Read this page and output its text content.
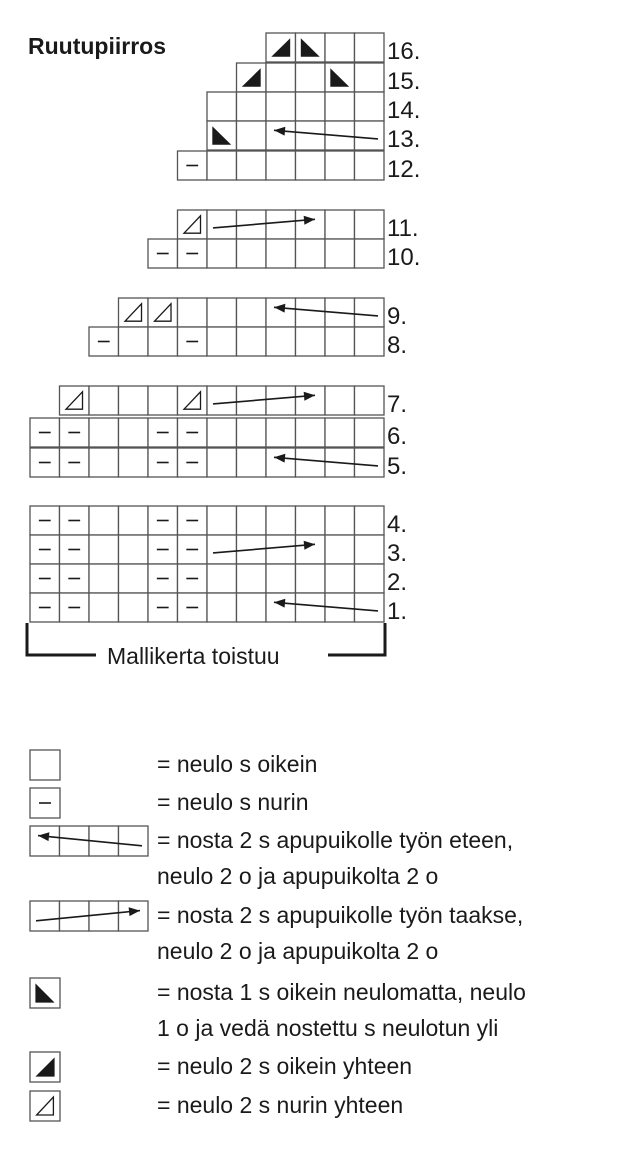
Ruutupiirros	16.
15.
14.
13.
12.
11.
10.
9.
8.
7.
6.
5.
4.
3.
2.
1.
Mallikerta toistuu
= neulo s oikein
= neulo s nurin
= nosta 2 s apupuikolle työn eteen,
neulo 2 o ja apupuikolta 2 o
= nosta 2 s apupuikolle työn taakse,
neulo 2 o ja apupuikolta 2 o
= nosta 1 s oikein neulomatta, neulo
1 o ja vedä nostettu s neulotun yli
= neulo 2 s oikein yhteen
= neulo 2 s nurin yhteen
